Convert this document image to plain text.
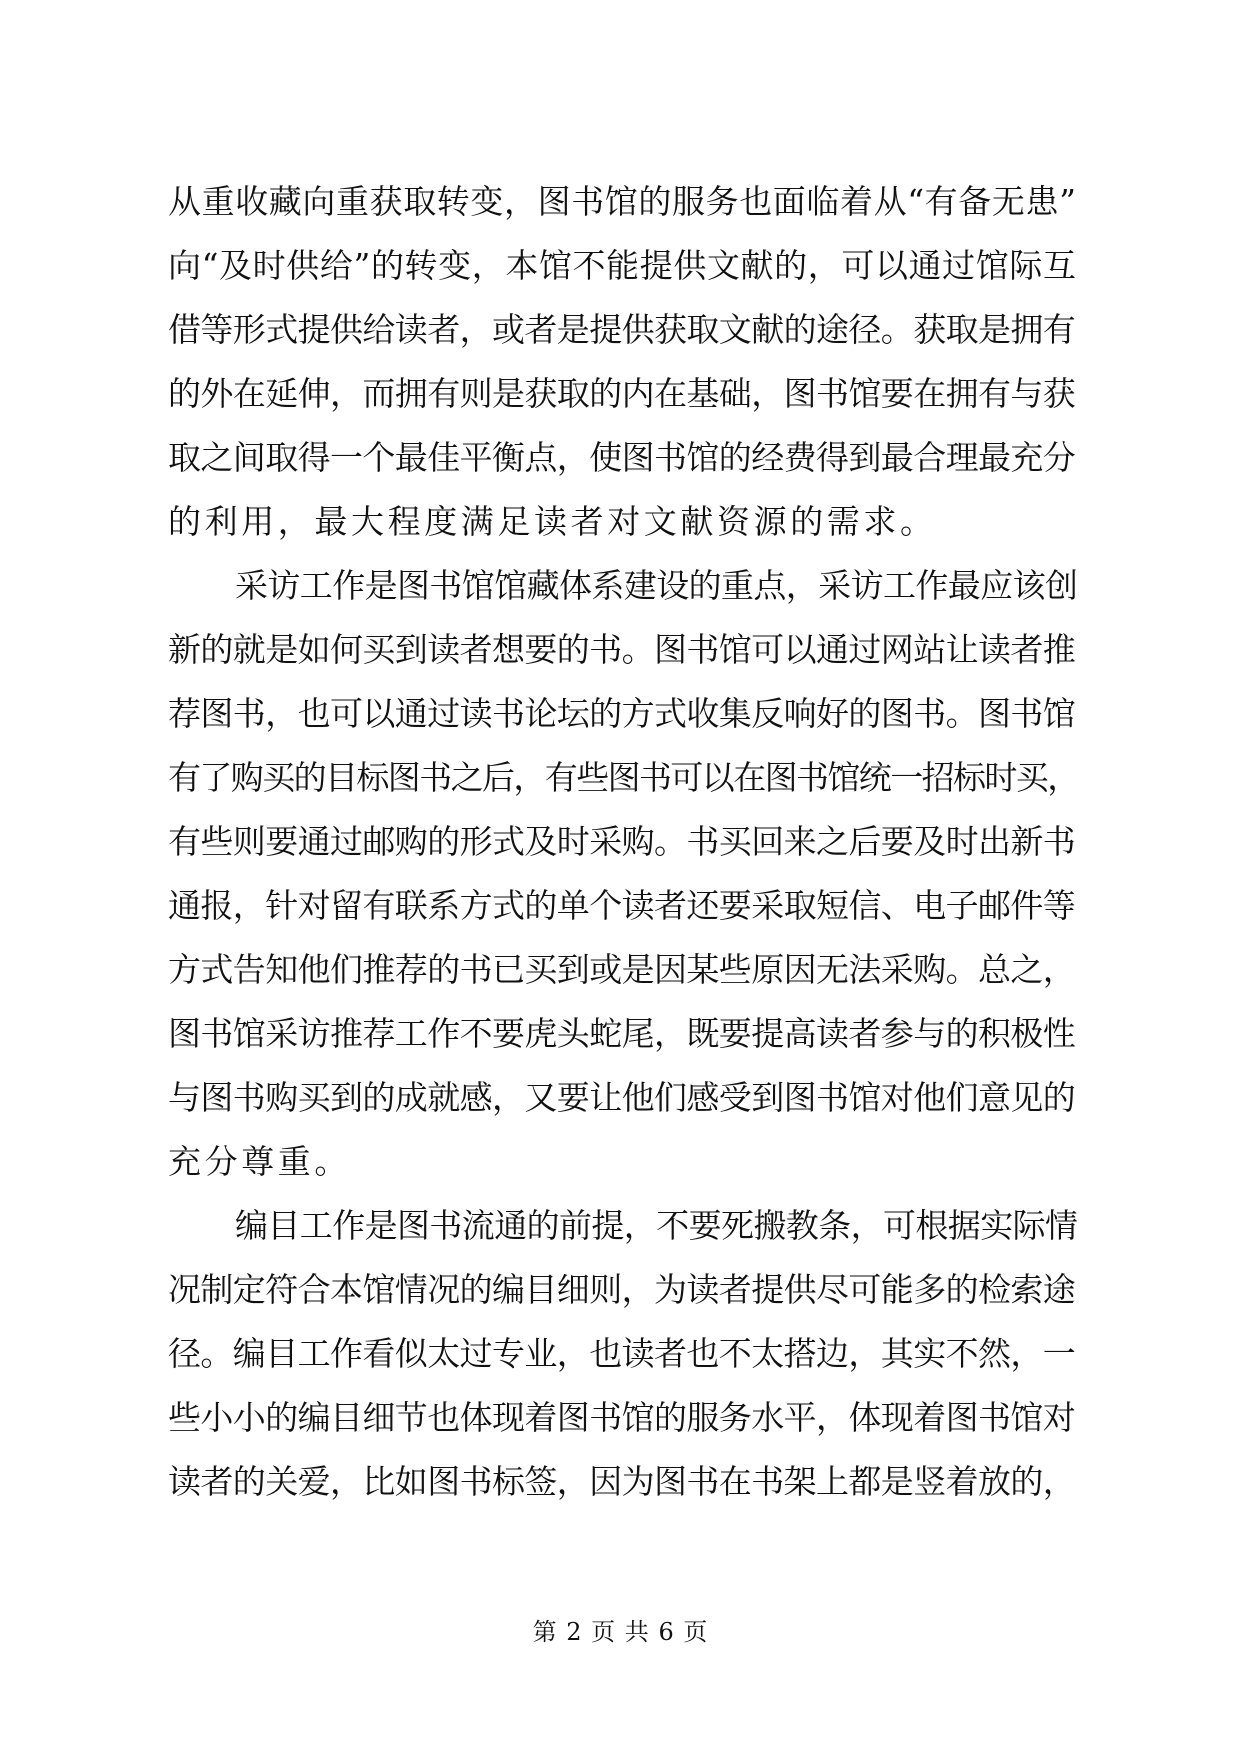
从重收藏向重获取转变，图书馆的服务也面临着从“有备无患”
向“及时供给”的转变，本馆不能提供文献的，可以通过馆际互
借等形式提供给读者，或者是提供获取文献的途径。获取是拥有
的外在延伸，而拥有则是获取的内在基础，图书馆要在拥有与获
取之间取得一个最佳平衡点，使图书馆的经费得到最合理最充分
的利用，最大程度满足读者对文献资源的需求。
采访工作是图书馆馆藏体系建设的重点，采访工作最应该创
新的就是如何买到读者想要的书。图书馆可以通过网站让读者推
荐图书，也可以通过读书论坛的方式收集反响好的图书。图书馆
有了购买的目标图书之后，有些图书可以在图书馆统一招标时买，
有些则要通过邮购的形式及时采购。书买回来之后要及时出新书
通报，针对留有联系方式的单个读者还要采取短信、电子邮件等
方式告知他们推荐的书已买到或是因某些原因无法采购。总之，
图书馆采访推荐工作不要虎头蛇尾，既要提高读者参与的积极性
与图书购买到的成就感，又要让他们感受到图书馆对他们意见的
充分尊重。
编目工作是图书流通的前提，不要死搬教条，可根据实际情
况制定符合本馆情况的编目细则，为读者提供尽可能多的检索途
径。编目工作看似太过专业，也读者也不太搭边，其实不然，一
些小小的编目细节也体现着图书馆的服务水平，体现着图书馆对
读者的关爱，比如图书标签，因为图书在书架上都是竖着放的，
第 2 页 共 6 页
